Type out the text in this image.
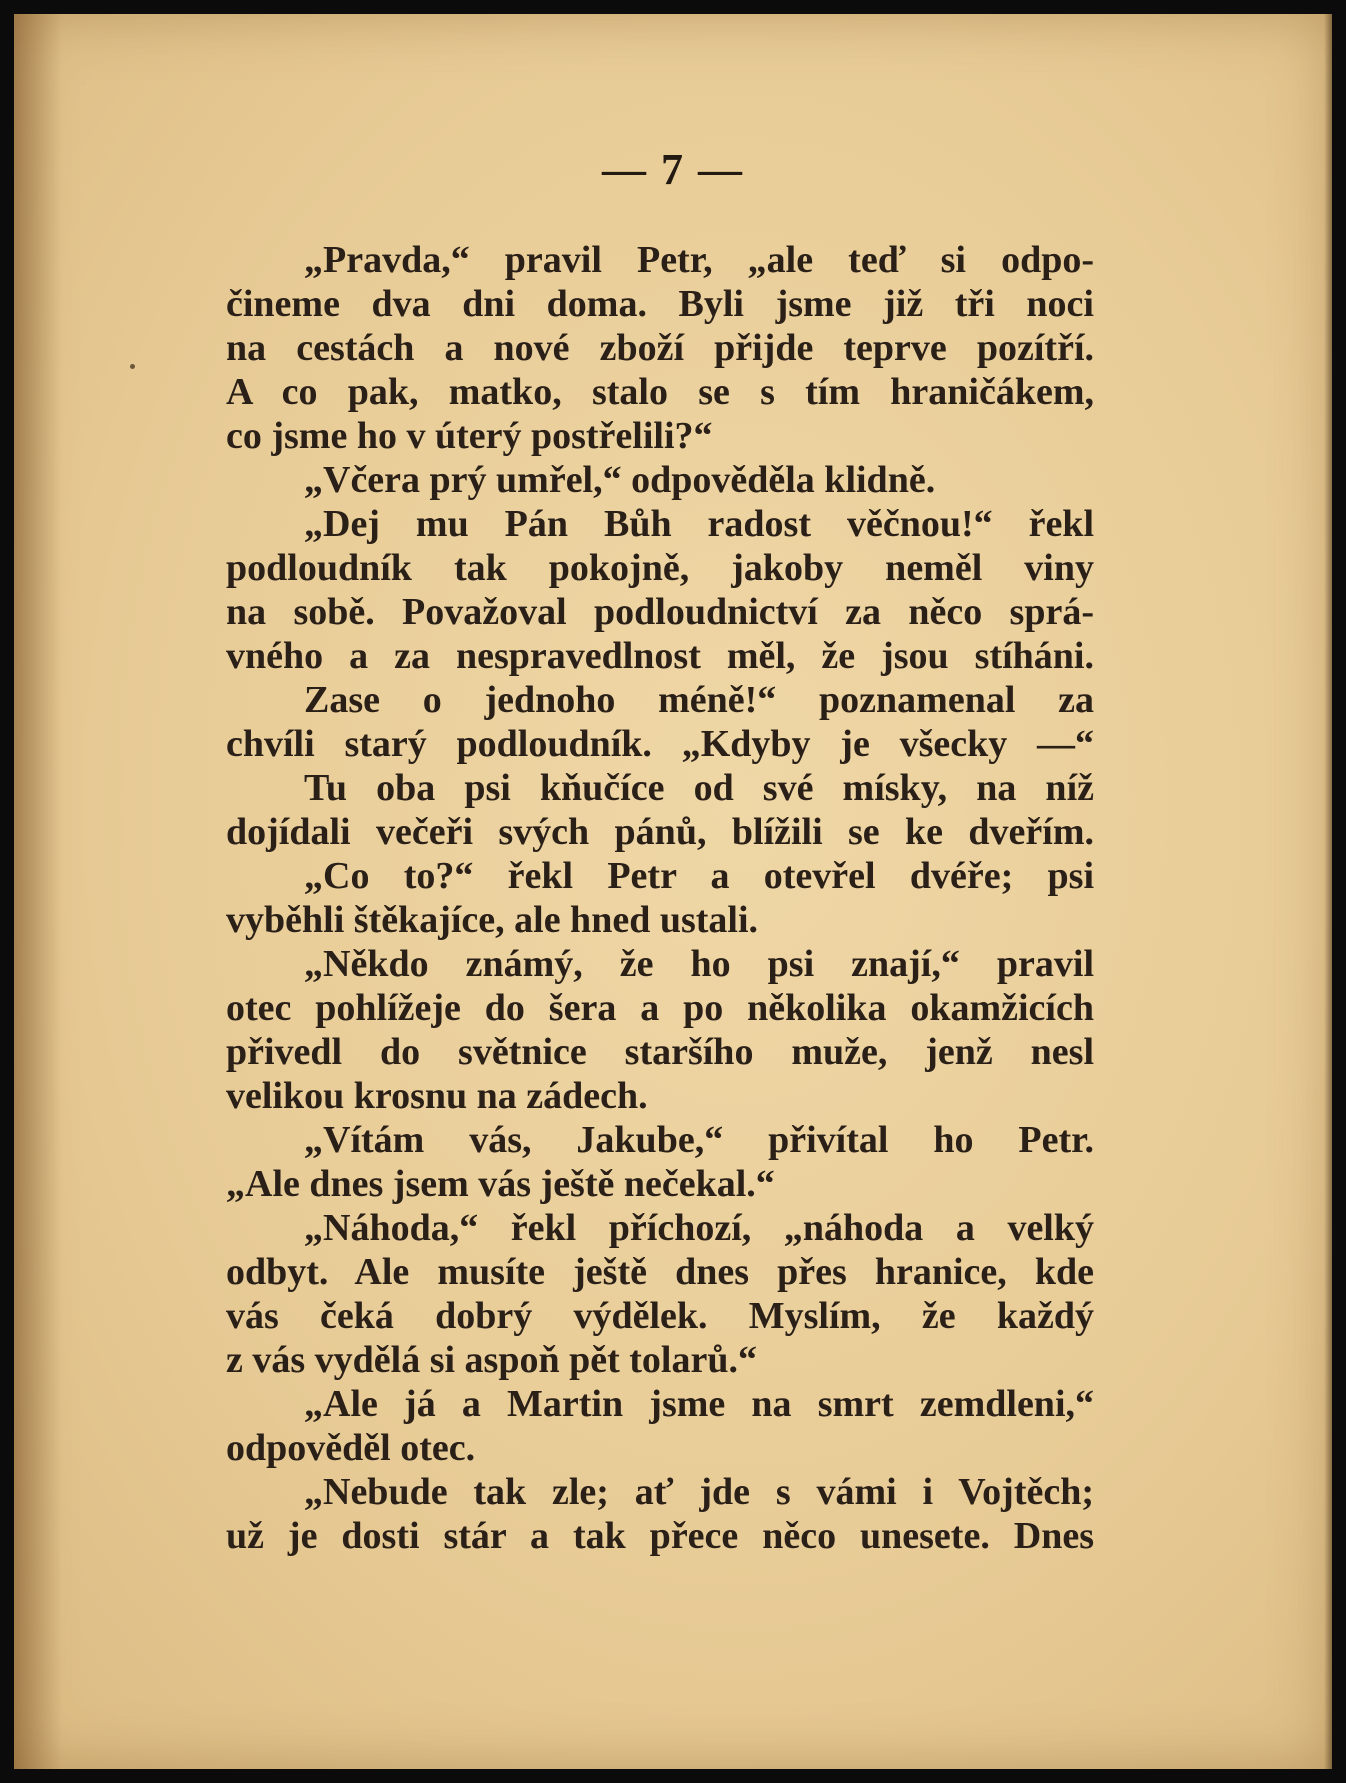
— 7 —
„Pravda,“ pravil Petr, „ale teď si odpo-
čineme dva dni doma. Byli jsme již tři noci
na cestách a nové zboží přijde teprve pozítří.
A co pak, matko, stalo se s tím hraničákem,
co jsme ho v úterý postřelili?“
„Včera prý umřel,“ odpověděla klidně.
„Dej mu Pán Bůh radost věčnou!“ řekl
podloudník tak pokojně, jakoby neměl viny
na sobě. Považoval podloudnictví za něco sprá-
vného a za nespravedlnost měl, že jsou stíháni.
Zase o jednoho méně!“ poznamenal za
chvíli starý podloudník. „Kdyby je všecky —“
Tu oba psi kňučíce od své mísky, na níž
dojídali večeři svých pánů, blížili se ke dveřím.
„Co to?“ řekl Petr a otevřel dvéře; psi
vyběhli štěkajíce, ale hned ustali.
„Někdo známý, že ho psi znají,“ pravil
otec pohlížeje do šera a po několika okamžicích
přivedl do světnice staršího muže, jenž nesl
velikou krosnu na zádech.
„Vítám vás, Jakube,“ přivítal ho Petr.
„Ale dnes jsem vás ještě nečekal.“
„Náhoda,“ řekl příchozí, „náhoda a velký
odbyt. Ale musíte ještě dnes přes hranice, kde
vás čeká dobrý výdělek. Myslím, že každý
z vás vydělá si aspoň pět tolarů.“
„Ale já a Martin jsme na smrt zemdleni,“
odpověděl otec.
„Nebude tak zle; ať jde s vámi i Vojtěch;
už je dosti stár a tak přece něco unesete. Dnes
